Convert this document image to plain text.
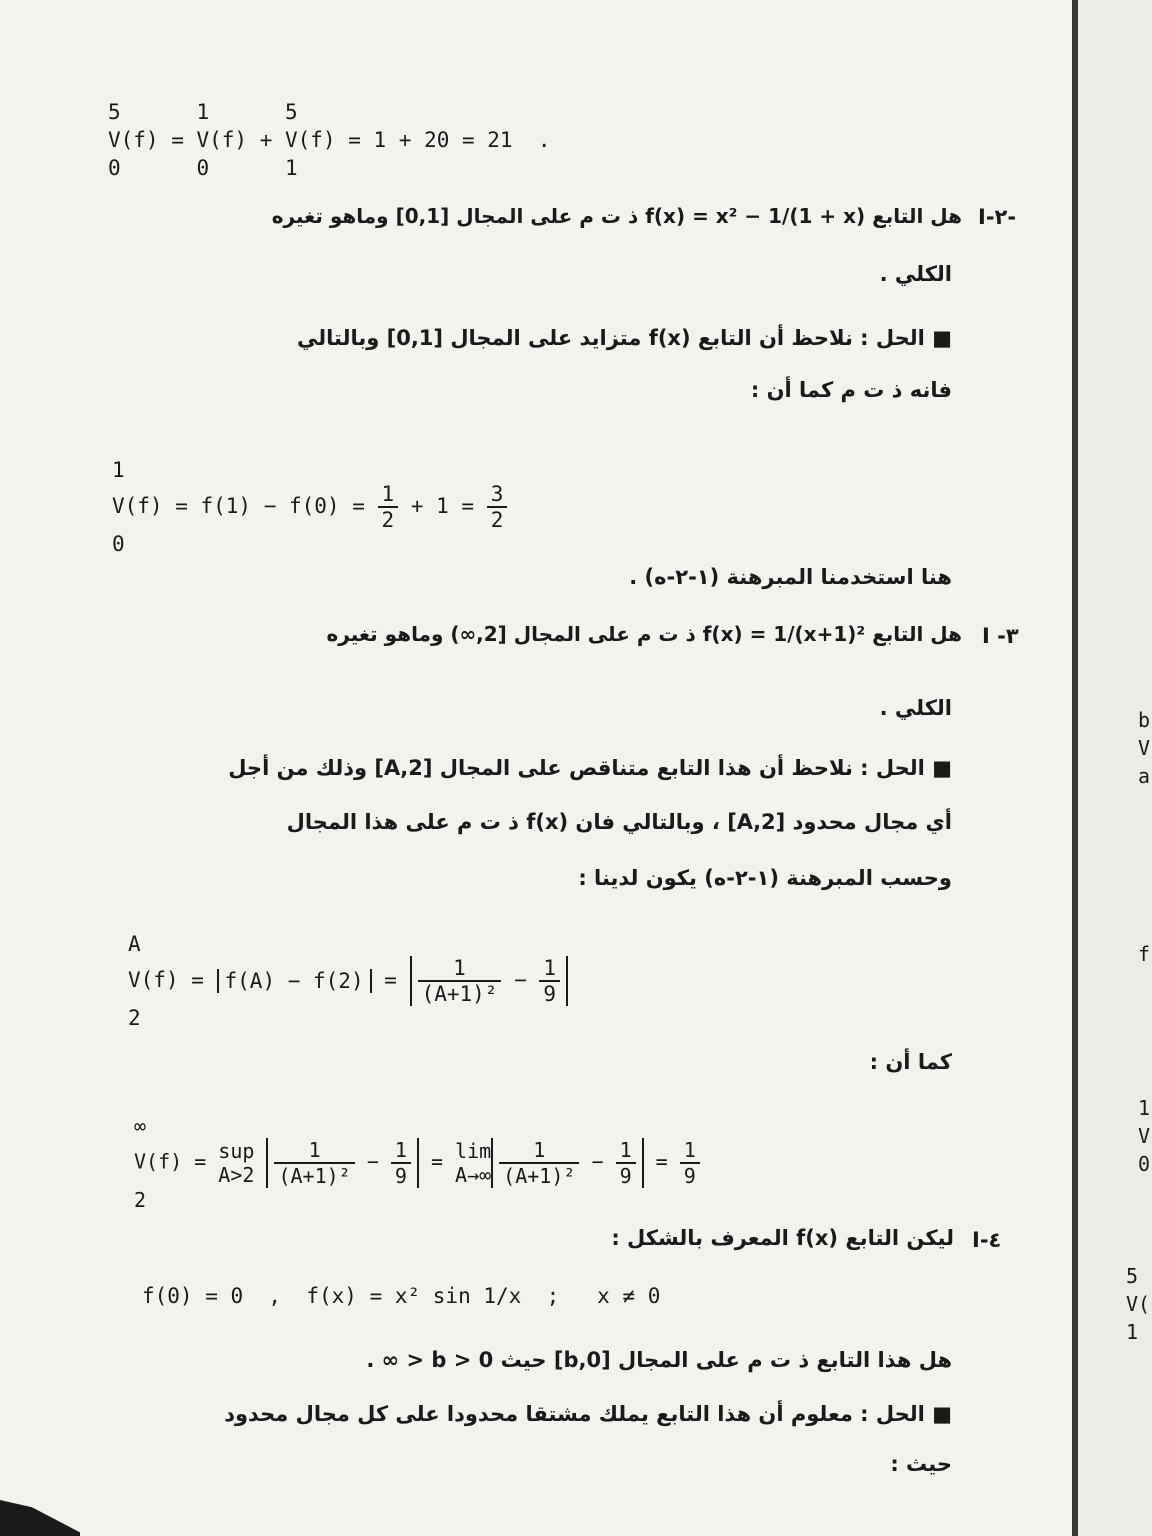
5      1      5
V(f) = V(f) + V(f) = 1 + 20 = 21  .
0      0      1
I-٢-
هل التابع f(x) = x² − 1/(1 + x) ذ ت م على المجال [0,1] وماهو تغيره
الكلي .
■ الحل : نلاحظ أن التابع f(x) متزايد على المجال [0,1] وبالتالي
فانه ذ ت م كما أن :
1
$V(f) = f(1) - f(0) = \frac{1}{2} + 1 = \frac{3}{2}$

0
هنا استخدمنا المبرهنة (١-٢-ه) .
I -٣
هل التابع f(x) = 1/(x+1)² ذ ت م على المجال [2,∞) وماهو تغيره
الكلي .
■ الحل : نلاحظ أن هذا التابع متناقص على المجال [2,A] وذلك من أجل
أي مجال محدود [2,A] ، وبالتالي فان f(x) ذ ت م على هذا المجال
وحسب المبرهنة (١-٢-ه) يكون لدينا :
A
$V(f) = f(A) - f(2) = \frac{1}{\text{(A+1)²}} - \frac{1}{9}$

2
كما أن :
∞
V(f) = sup
$A>2 \frac{1}{\text{(A+1)²}} - \frac{1}{9} = \lim$
$A\to\infty \frac{1}{\text{(A+1)²}} - \frac{1}{9} = \frac{1}{9}$

2
I-٤
ليكن التابع f(x) المعرف بالشكل :
f(0) = 0  ,  f(x) = x² sin 1/x  ;   x ≠ 0
هل هذا التابع ذ ت م على المجال [0,b] حيث 0 < b < ∞ .
■ الحل : معلوم أن هذا التابع يملك مشتقا محدودا على كل مجال محدود
حيث :
b
V
a
f
1
V
0
5
V(
1
